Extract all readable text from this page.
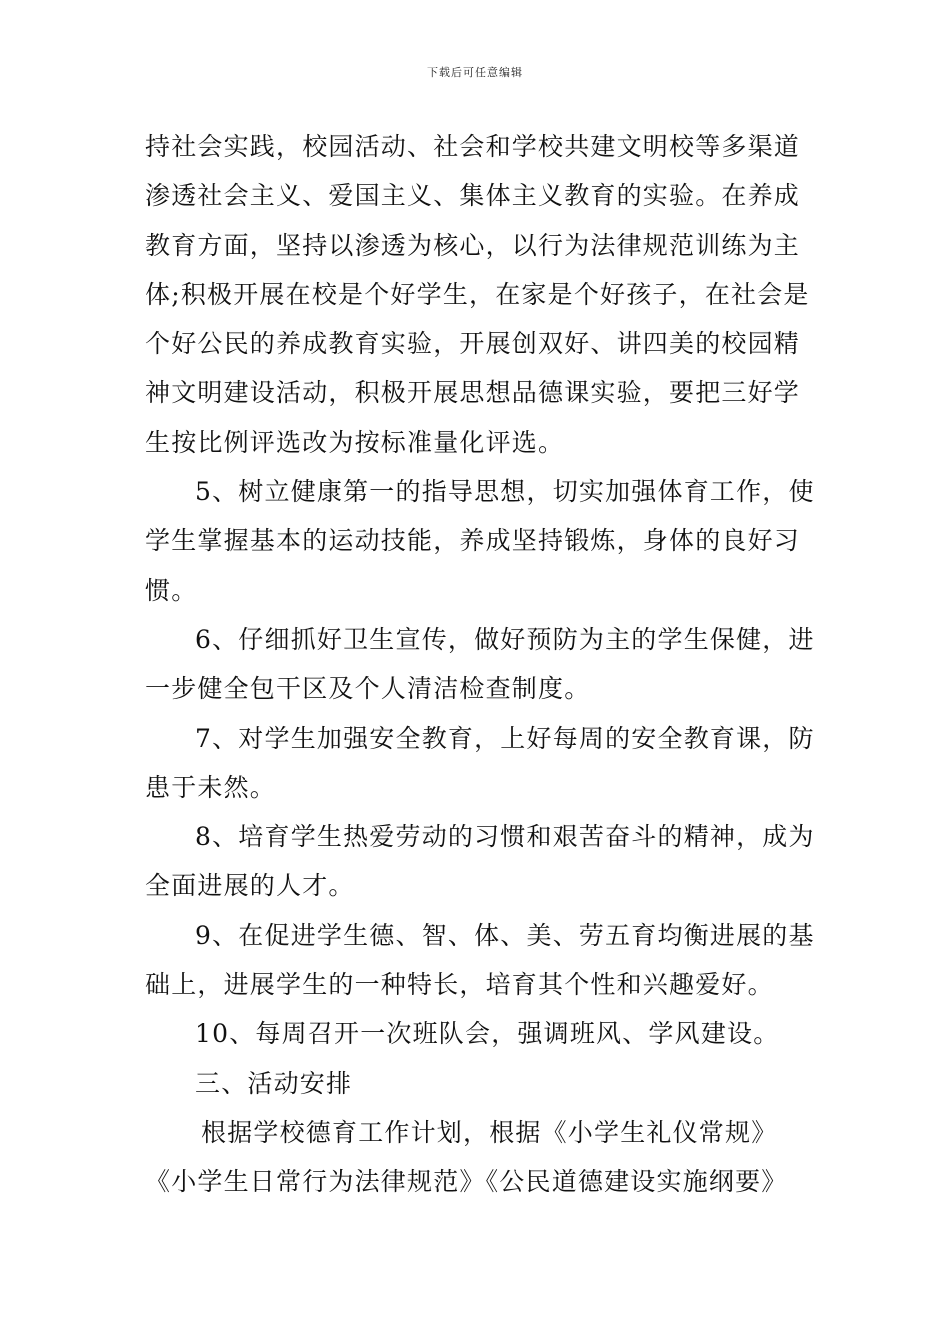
下载后可任意编辑
持社会实践，校园活动、社会和学校共建文明校等多渠道
渗透社会主义、爱国主义、集体主义教育的实验。在养成
教育方面，坚持以渗透为核心，以行为法律规范训练为主
体;积极开展在校是个好学生，在家是个好孩子，在社会是
个好公民的养成教育实验，开展创双好、讲四美的校园精
神文明建设活动，积极开展思想品德课实验，要把三好学
生按比例评选改为按标准量化评选。
5、树立健康第一的指导思想，切实加强体育工作，使
学生掌握基本的运动技能，养成坚持锻炼，身体的良好习
惯。
6、仔细抓好卫生宣传，做好预防为主的学生保健，进
一步健全包干区及个人清洁检查制度。
7、对学生加强安全教育，上好每周的安全教育课，防
患于未然。
8、培育学生热爱劳动的习惯和艰苦奋斗的精神，成为
全面进展的人才。
9、在促进学生德、智、体、美、劳五育均衡进展的基
础上，进展学生的一种特长，培育其个性和兴趣爱好。
10、每周召开一次班队会，强调班风、学风建设。
三、活动安排
根据学校德育工作计划，根据《小学生礼仪常规》
《小学生日常行为法律规范》《公民道德建设实施纲要》
